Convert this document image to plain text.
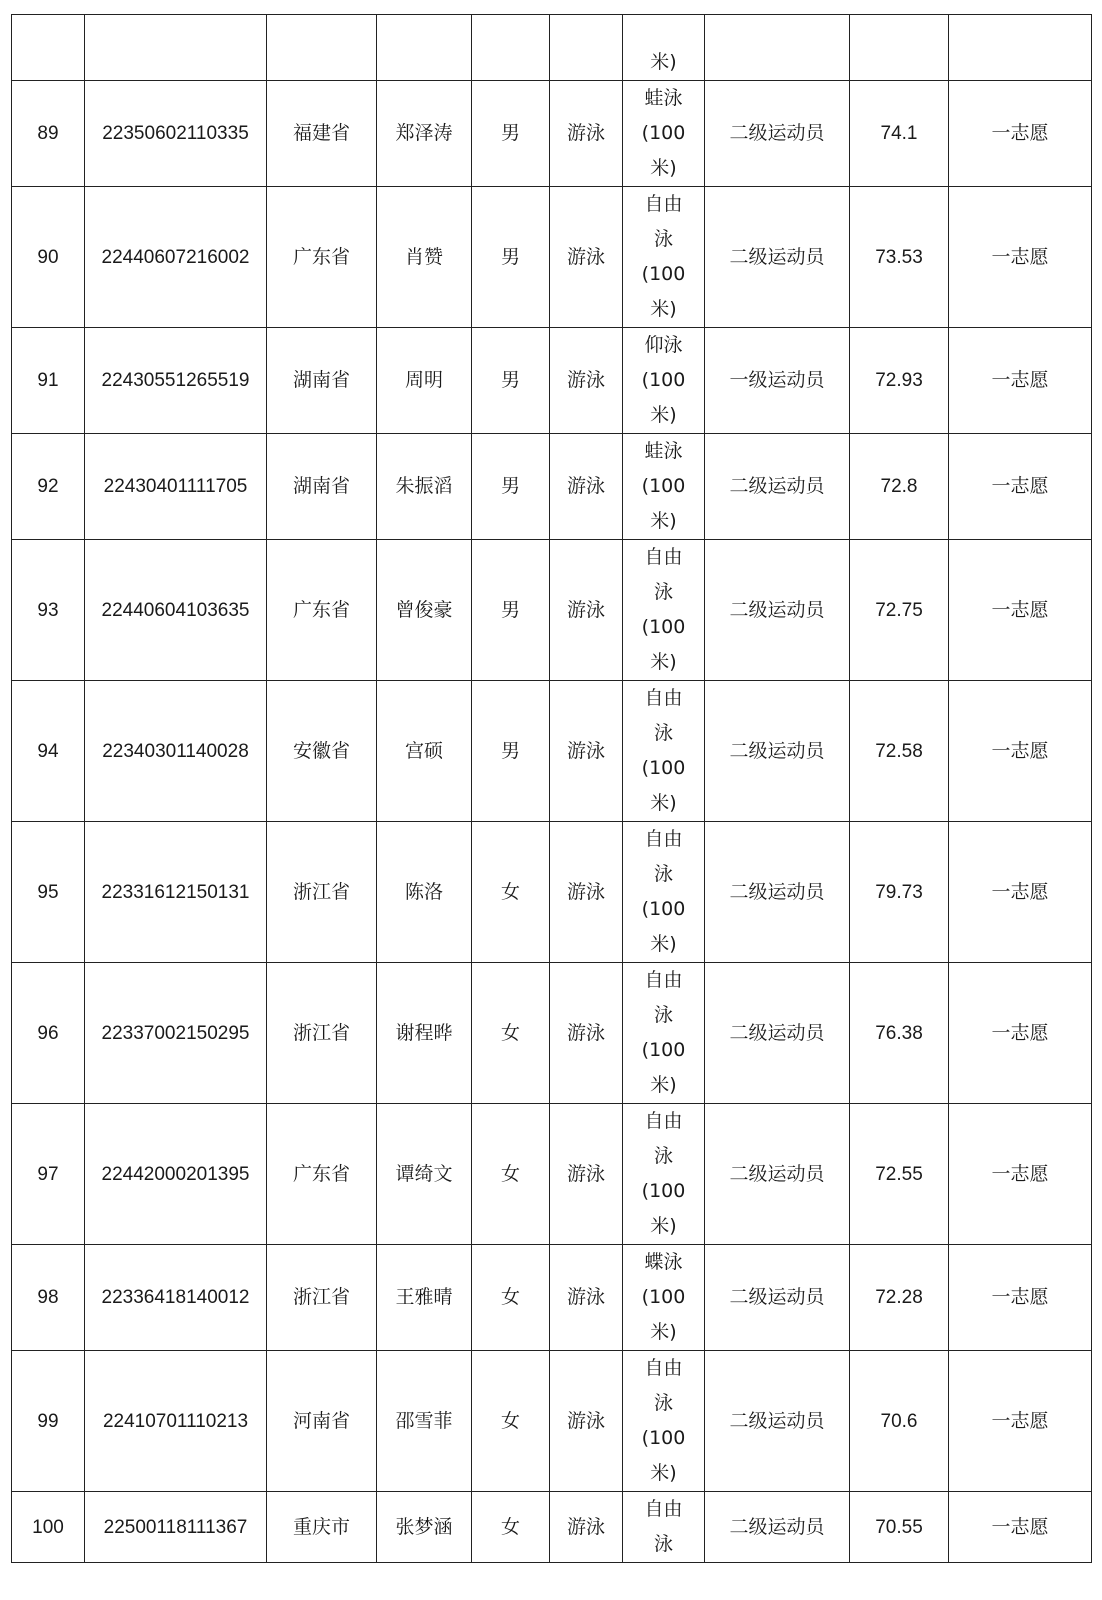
						米)			

89	22350602110335	福建省	郑泽涛	男	游泳	蛙泳
(100
米)	二级运动员	74.1	一志愿
90	22440607216002	广东省	肖赞	男	游泳	自由
泳
(100
米)	二级运动员	73.53	一志愿
91	22430551265519	湖南省	周明	男	游泳	仰泳
(100
米)	一级运动员	72.93	一志愿
92	22430401111705	湖南省	朱振滔	男	游泳	蛙泳
(100
米)	二级运动员	72.8	一志愿
93	22440604103635	广东省	曾俊豪	男	游泳	自由
泳
(100
米)	二级运动员	72.75	一志愿
94	22340301140028	安徽省	宫硕	男	游泳	自由
泳
(100
米)	二级运动员	72.58	一志愿
95	22331612150131	浙江省	陈洛	女	游泳	自由
泳
(100
米)	二级运动员	79.73	一志愿
96	22337002150295	浙江省	谢程晔	女	游泳	自由
泳
(100
米)	二级运动员	76.38	一志愿
97	22442000201395	广东省	谭绮文	女	游泳	自由
泳
(100
米)	二级运动员	72.55	一志愿
98	22336418140012	浙江省	王雅晴	女	游泳	蝶泳
(100
米)	二级运动员	72.28	一志愿
99	22410701110213	河南省	邵雪菲	女	游泳	自由
泳
(100
米)	二级运动员	70.6	一志愿
100	22500118111367	重庆市	张梦涵	女	游泳	自由
泳	二级运动员	70.55	一志愿
